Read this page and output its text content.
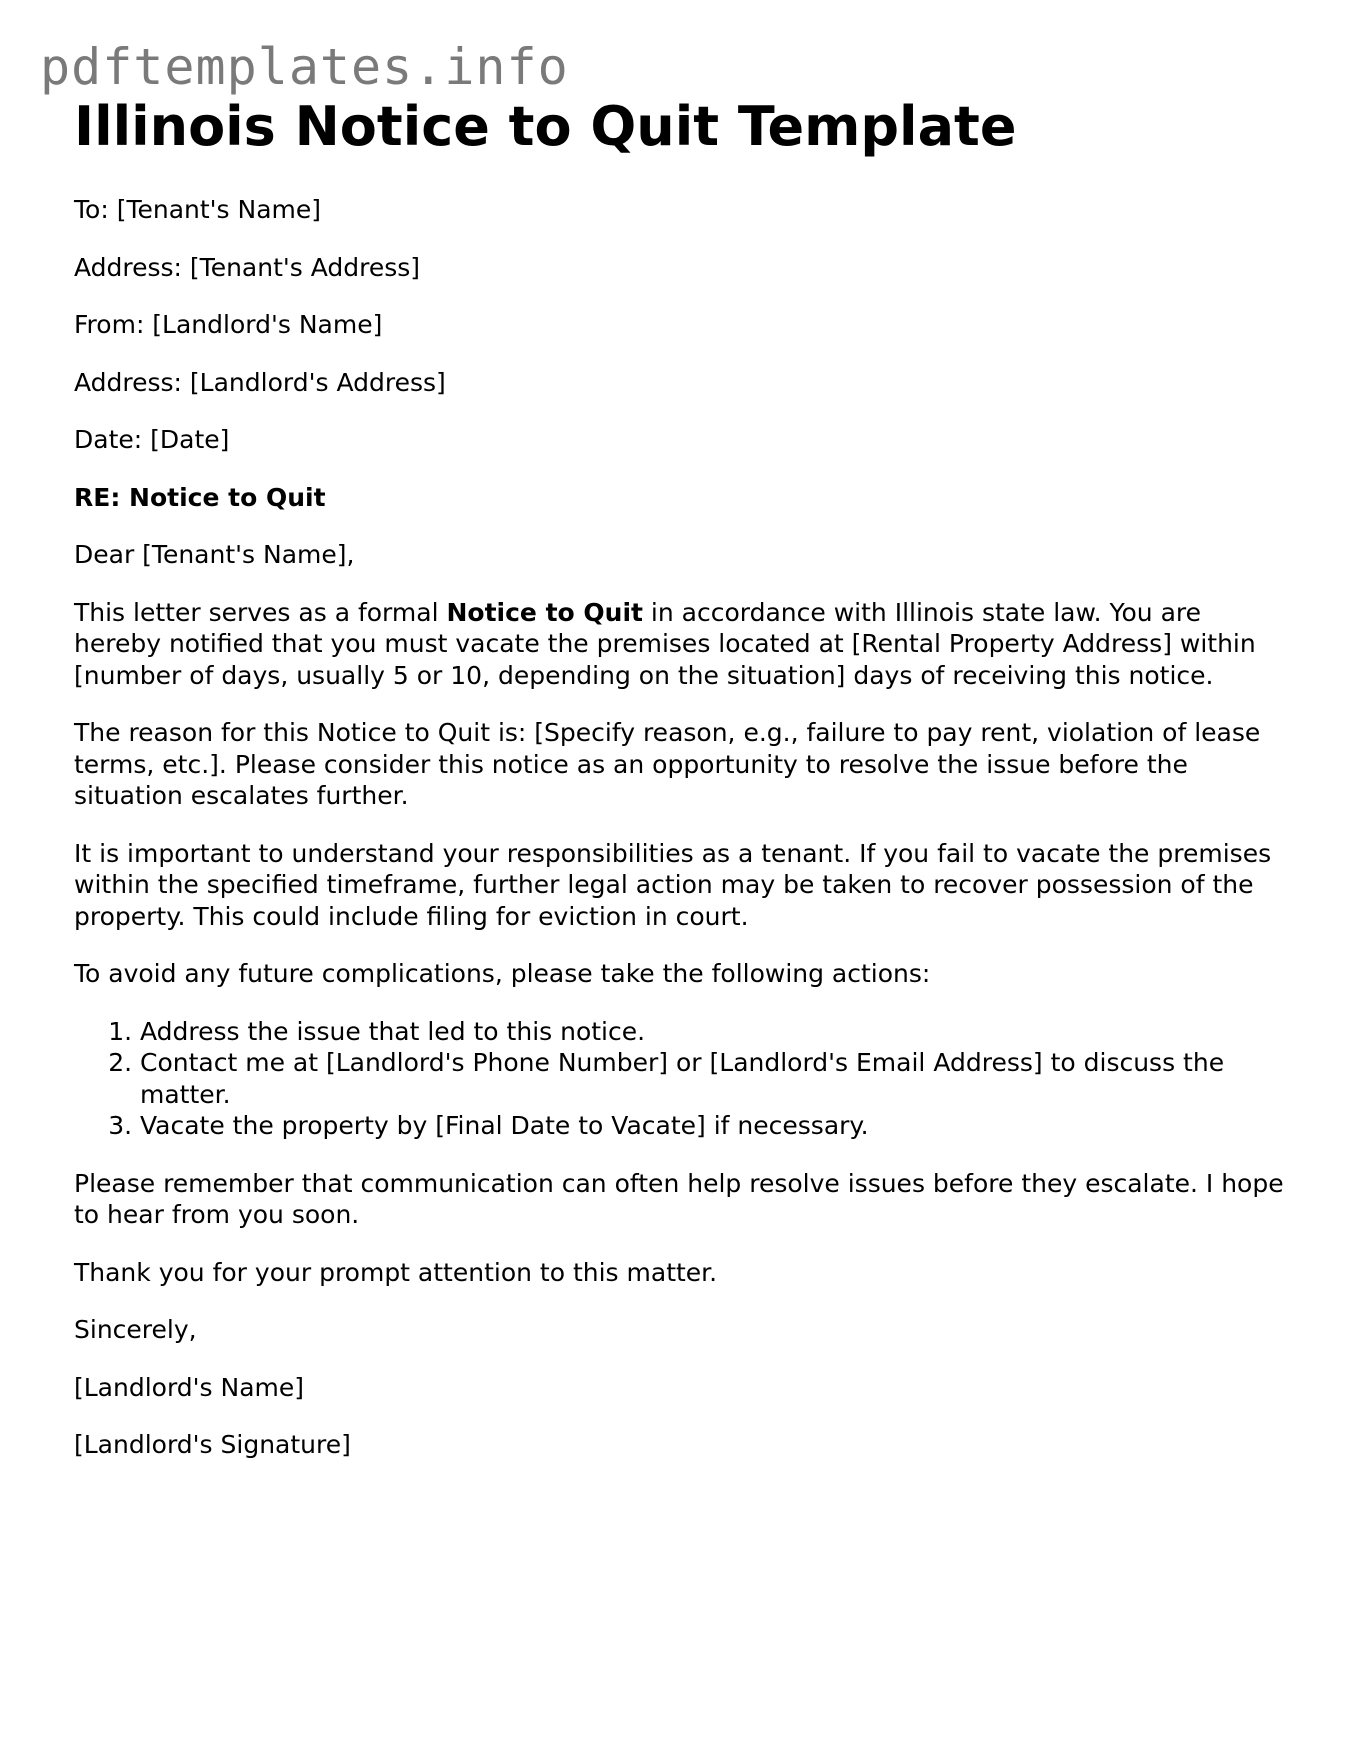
pdftemplates.info
Illinois Notice to Quit Template

To: [Tenant's Name]

Address: [Tenant's Address]

From: [Landlord's Name]

Address: [Landlord's Address]

Date: [Date]

RE: Notice to Quit

Dear [Tenant's Name],

This letter serves as a formal Notice to Quit in accordance with Illinois state law. You are hereby notified that you must vacate the premises located at [Rental Property Address] within [number of days, usually 5 or 10, depending on the situation] days of receiving this notice.

The reason for this Notice to Quit is: [Specify reason, e.g., failure to pay rent, violation of lease terms, etc.]. Please consider this notice as an opportunity to resolve the issue before the situation escalates further.

It is important to understand your responsibilities as a tenant. If you fail to vacate the premises within the specified timeframe, further legal action may be taken to recover possession of the property. This could include filing for eviction in court.

To avoid any future complications, please take the following actions:

1. Address the issue that led to this notice.
2. Contact me at [Landlord's Phone Number] or [Landlord's Email Address] to discuss the matter.
3. Vacate the property by [Final Date to Vacate] if necessary.

Please remember that communication can often help resolve issues before they escalate. I hope to hear from you soon.

Thank you for your prompt attention to this matter.

Sincerely,

[Landlord's Name]

[Landlord's Signature]
